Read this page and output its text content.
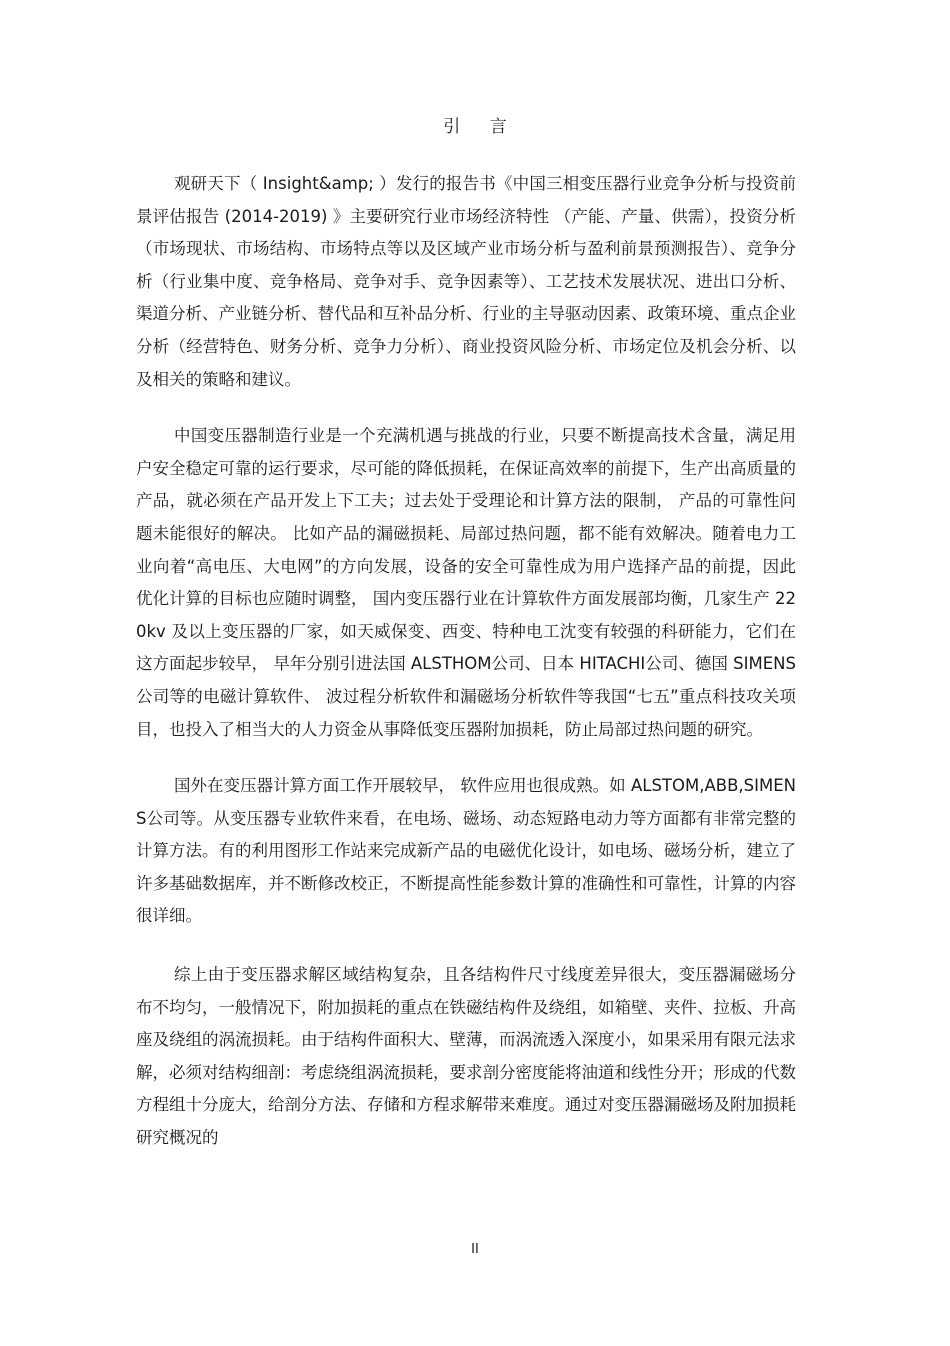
引 言

观研天下（ Insight&amp; ）发行的报告书《中国三相变压器行业竞争分析与投资前景评估报告 (2014-2019) 》主要研究行业市场经济特性 （产能、产量、供需），投资分析（市场现状、市场结构、市场特点等以及区域产业市场分析与盈利前景预测报告）、竞争分析（行业集中度、竞争格局、竞争对手、竞争因素等）、工艺技术发展状况、进出口分析、渠道分析、产业链分析、替代品和互补品分析、行业的主导驱动因素、政策环境、重点企业分析（经营特色、财务分析、竞争力分析）、商业投资风险分析、市场定位及机会分析、以及相关的策略和建议。

中国变压器制造行业是一个充满机遇与挑战的行业，只要不断提高技术含量，满足用户安全稳定可靠的运行要求，尽可能的降低损耗，在保证高效率的前提下，生产出高质量的产品，就必须在产品开发上下工夫；过去处于受理论和计算方法的限制， 产品的可靠性问题未能很好的解决。 比如产品的漏磁损耗、局部过热问题，都不能有效解决。随着电力工业向着“高电压、大电网”的方向发展，设备的安全可靠性成为用户选择产品的前提，因此优化计算的目标也应随时调整， 国内变压器行业在计算软件方面发展部均衡，几家生产 220kv 及以上变压器的厂家，如天威保变、西变、特种电工沈变有较强的科研能力，它们在这方面起步较早， 早年分别引进法国 ALSTHOM公司、日本 HITACHI公司、德国 SIMENS公司等的电磁计算软件、 波过程分析软件和漏磁场分析软件等我国“七五”重点科技攻关项目，也投入了相当大的人力资金从事降低变压器附加损耗，防止局部过热问题的研究。

国外在变压器计算方面工作开展较早， 软件应用也很成熟。如 ALSTOM,ABB,SIMENS公司等。从变压器专业软件来看，在电场、磁场、动态短路电动力等方面都有非常完整的计算方法。有的利用图形工作站来完成新产品的电磁优化设计，如电场、磁场分析，建立了许多基础数据库，并不断修改校正，不断提高性能参数计算的准确性和可靠性，计算的内容很详细。

综上由于变压器求解区域结构复杂，且各结构件尺寸线度差异很大，变压器漏磁场分布不均匀，一般情况下，附加损耗的重点在铁磁结构件及绕组，如箱壁、夹件、拉板、升高座及绕组的涡流损耗。由于结构件面积大、壁薄，而涡流透入深度小，如果采用有限元法求解，必须对结构细剖：考虑绕组涡流损耗，要求剖分密度能将油道和线性分开；形成的代数方程组十分庞大，给剖分方法、存储和方程求解带来难度。通过对变压器漏磁场及附加损耗研究概况的

II
